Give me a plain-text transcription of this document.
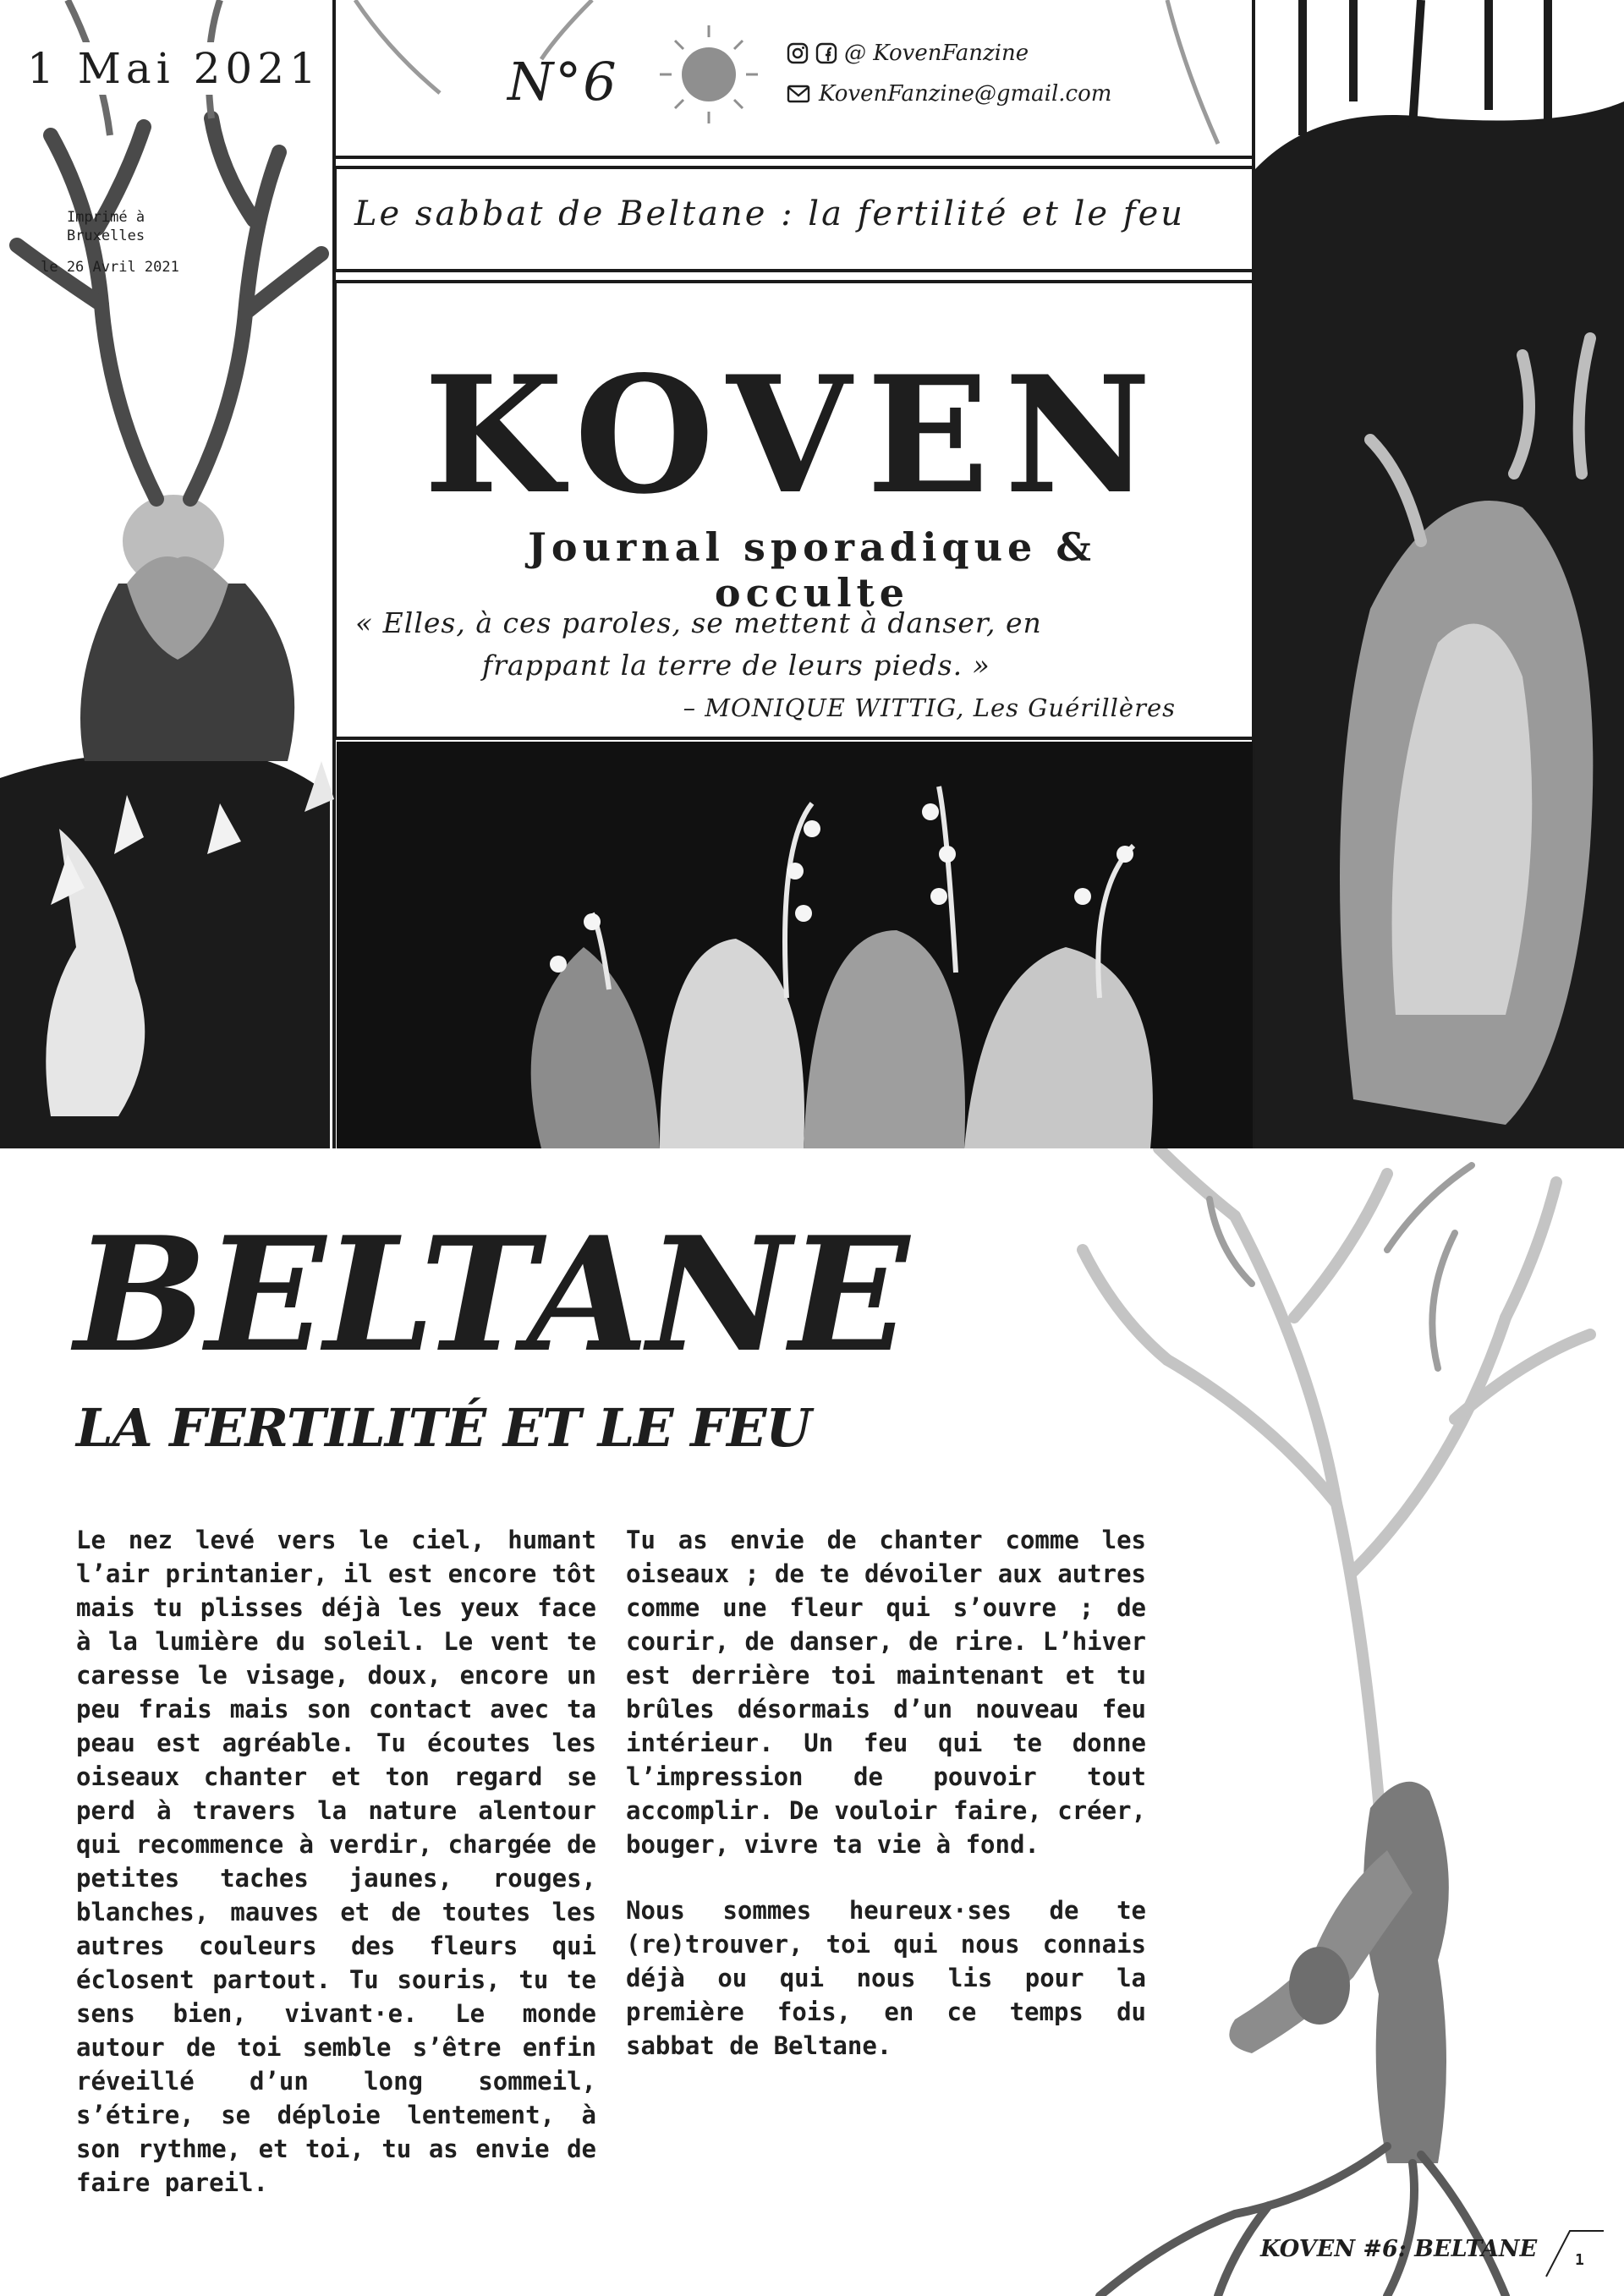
1 Mai 2021
Imprimé à
Bruxelles
le 26 Avril 2021
N°6	@ KovenFanzine
KovenFanzine@gmail.com
Le sabbat de Beltane : la fertilité et le feu
KOVEN
Journal sporadique & occulte
« Elles, à ces paroles, se mettent à danser, en
frappant la terre de leurs pieds. »
– MONIQUE WITTIG, Les Guérillères
BELTANE
LA FERTILITÉ ET LE FEU

Le nez levé vers le ciel, humant l’air printanier, il est encore tôt mais tu plisses déjà les yeux face à la lumière du soleil. Le vent te caresse le visage, doux, encore un peu frais mais son contact avec ta peau est agréable. Tu écoutes les oiseaux chanter et ton regard se perd à travers la nature alentour qui recommence à verdir, chargée de petites taches jaunes, rouges, blanches, mauves et de toutes les autres couleurs des fleurs qui éclosent partout. Tu souris, tu te sens bien, vivant·e. Le monde autour de toi semble s’être enfin réveillé d’un long sommeil, s’étire, se déploie lentement, à son rythme, et toi, tu as envie de faire pareil.

Tu as envie de chanter comme les oiseaux ; de te dévoiler aux autres comme une fleur qui s’ouvre ; de courir, de danser, de rire. L’hiver est derrière toi maintenant et tu brûles désormais d’un nouveau feu intérieur. Un feu qui te donne l’impression de pouvoir tout accomplir. De vouloir faire, créer, bouger, vivre ta vie à fond.

Nous sommes heureux·ses de te (re)trouver, toi qui nous connais déjà ou qui nous lis pour la première fois, en ce temps du sabbat de Beltane.

KOVEN #6: BELTANE 1
